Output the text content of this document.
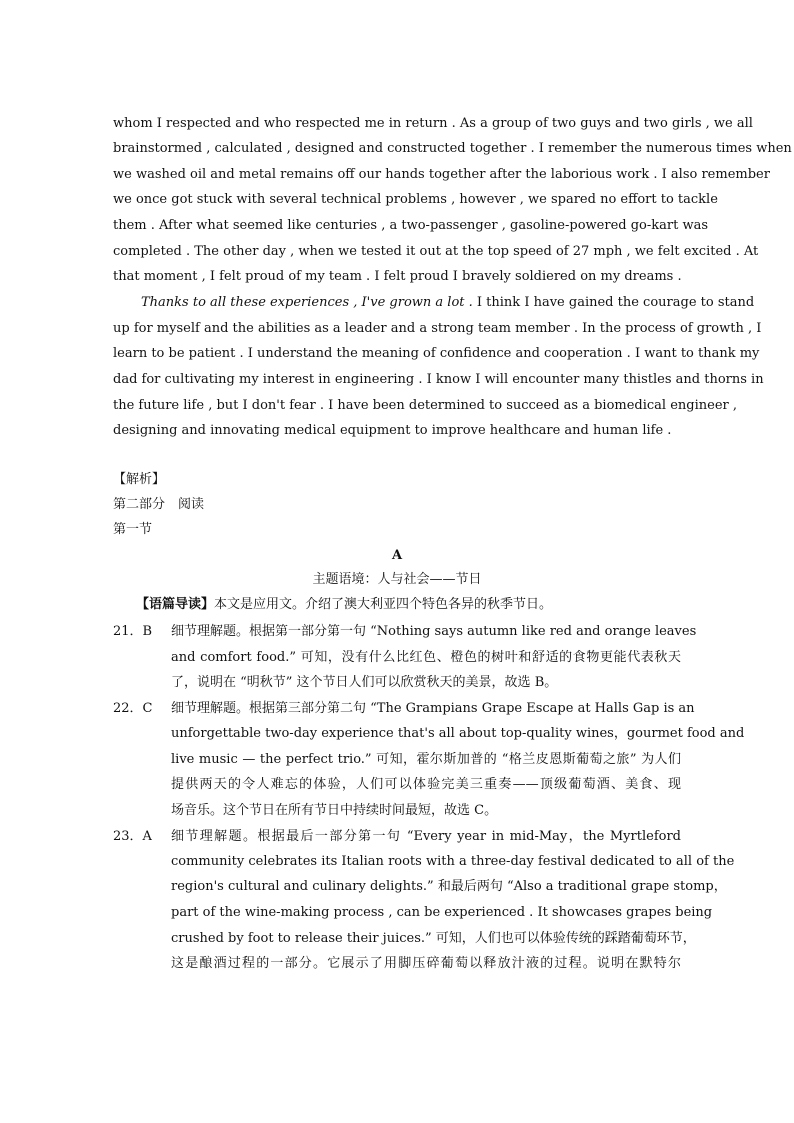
whom I respected and who respected me in return . As a group of two guys and two girls , we all
brainstormed , calculated , designed and constructed together . I remember the numerous times when
we washed oil and metal remains off our hands together after the laborious work . I also remember
we once got stuck with several technical problems , however , we spared no effort to tackle
them . After what seemed like centuries , a two-passenger , gasoline-powered go-kart was
completed . The other day , when we tested it out at the top speed of 27 mph , we felt excited . At
that moment , I felt proud of my team . I felt proud I bravely soldiered on my dreams .
Thanks to all these experiences , I've grown a lot . I think I have gained the courage to stand
up for myself and the abilities as a leader and a strong team member . In the process of growth , I
learn to be patient . I understand the meaning of confidence and cooperation . I want to thank my
dad for cultivating my interest in engineering . I know I will encounter many thistles and thorns in
the future life , but I don't fear . I have been determined to succeed as a biomedical engineer ,
designing and innovating medical equipment to improve healthcare and human life .
【解析】
第二部分　阅读
第一节
A
主题语境：人与社会——节日
【语篇导读】本文是应用文。介绍了澳大利亚四个特色各异的秋季节日。
21．B 细节理解题。根据第一部分第一句 “Nothing says autumn like red and orange leaves
and comfort food.” 可知，没有什么比红色、橙色的树叶和舒适的食物更能代表秋天
了，说明在 “明秋节” 这个节日人们可以欣赏秋天的美景，故选 B。
22．C 细节理解题。根据第三部分第二句 “The Grampians Grape Escape at Halls Gap is an
unforgettable two-day experience that's all about top-quality wines，gourmet food and
live music — the perfect trio.” 可知，霍尔斯加普的 “格兰皮恩斯葡萄之旅” 为人们
提供两天的令人难忘的体验，人们可以体验完美三重奏——顶级葡萄酒、美食、现
场音乐。这个节日在所有节日中持续时间最短，故选 C。
23．A 细节理解题。根据最后一部分第一句 “Every year in mid-May，the Myrtleford
community celebrates its Italian roots with a three-day festival dedicated to all of the
region's cultural and culinary delights.” 和最后两句 “Also a traditional grape stomp，
part of the wine-making process , can be experienced . It showcases grapes being
crushed by foot to release their juices.” 可知，人们也可以体验传统的踩踏葡萄环节，
这是酿酒过程的一部分。它展示了用脚压碎葡萄以释放汁液的过程。说明在默特尔
